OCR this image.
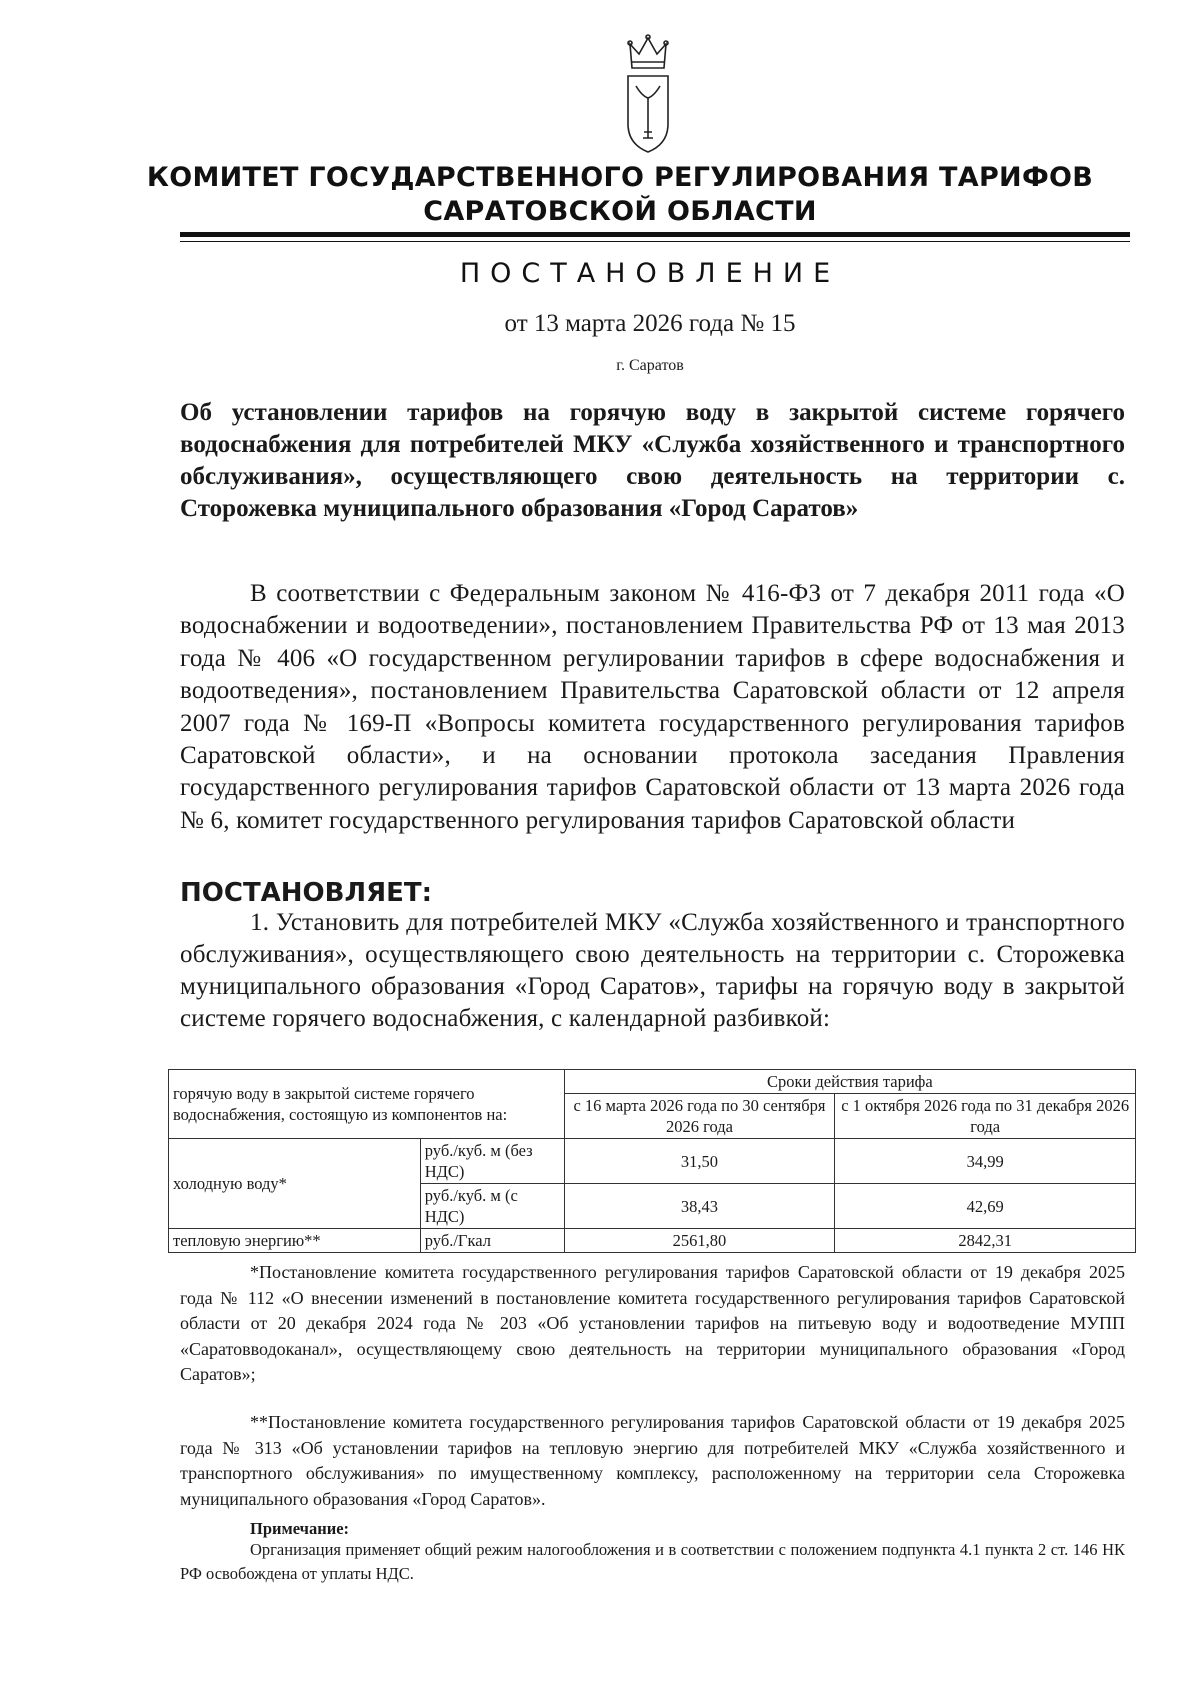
КОМИТЕТ ГОСУДАРСТВЕННОГО РЕГУЛИРОВАНИЯ ТАРИФОВ
САРАТОВСКОЙ ОБЛАСТИ
ПОСТАНОВЛЕНИЕ
от 13 марта 2026 года № 15
г. Саратов
Об установлении тарифов на горячую воду в закрытой системе горячего водоснабжения для потребителей МКУ «Служба хозяйственного и транспортного обслуживания», осуществляющего свою деятельность на территории с. Сторожевка муниципального образования «Город Саратов»
В соответствии с Федеральным законом № 416-ФЗ от 7 декабря 2011 года «О водоснабжении и водоотведении», постановлением Правительства РФ от 13 мая 2013 года № 406 «О государственном регулировании тарифов в сфере водоснабжения и водоотведения», постановлением Правительства Саратовской области от 12 апреля 2007 года № 169-П «Вопросы комитета государственного регулирования тарифов Саратовской области», и на основании протокола заседания Правления государственного регулирования тарифов Саратовской области от 13 марта 2026 года № 6, комитет государственного регулирования тарифов Саратовской области
ПОСТАНОВЛЯЕТ:
1. Установить для потребителей МКУ «Служба хозяйственного и транспортного обслуживания», осуществляющего свою деятельность на территории с. Сторожевка муниципального образования «Город Саратов», тарифы на горячую воду в закрытой системе горячего водоснабжения, с календарной разбивкой:
горячую воду в закрытой системе горячего водоснабжения, состоящую из компонентов на:		Сроки действия тарифа	
		с 16 марта 2026 года по 30 сентября 2026 года	с 1 октября 2026 года по 31 декабря 2026 года
холодную воду*	руб./куб. м (без НДС)	31,50	34,99
	руб./куб. м (с НДС)	38,43	42,69
тепловую энергию**	руб./Гкал	2561,80	2842,31
*Постановление комитета государственного регулирования тарифов Саратовской области от 19 декабря 2025 года № 112 «О внесении изменений в постановление комитета государственного регулирования тарифов Саратовской области от 20 декабря 2024 года № 203 «Об установлении тарифов на питьевую воду и водоотведение МУПП «Саратовводоканал», осуществляющему свою деятельность на территории муниципального образования «Город Саратов»;
**Постановление комитета государственного регулирования тарифов Саратовской области от 19 декабря 2025 года № 313 «Об установлении тарифов на тепловую энергию для потребителей МКУ «Служба хозяйственного и транспортного обслуживания» по имущественному комплексу, расположенному на территории села Сторожевка муниципального образования «Город Саратов».
Примечание:
Организация применяет общий режим налогообложения и в соответствии с положением подпункта 4.1 пункта 2 ст. 146 НК РФ освобождена от уплаты НДС.
